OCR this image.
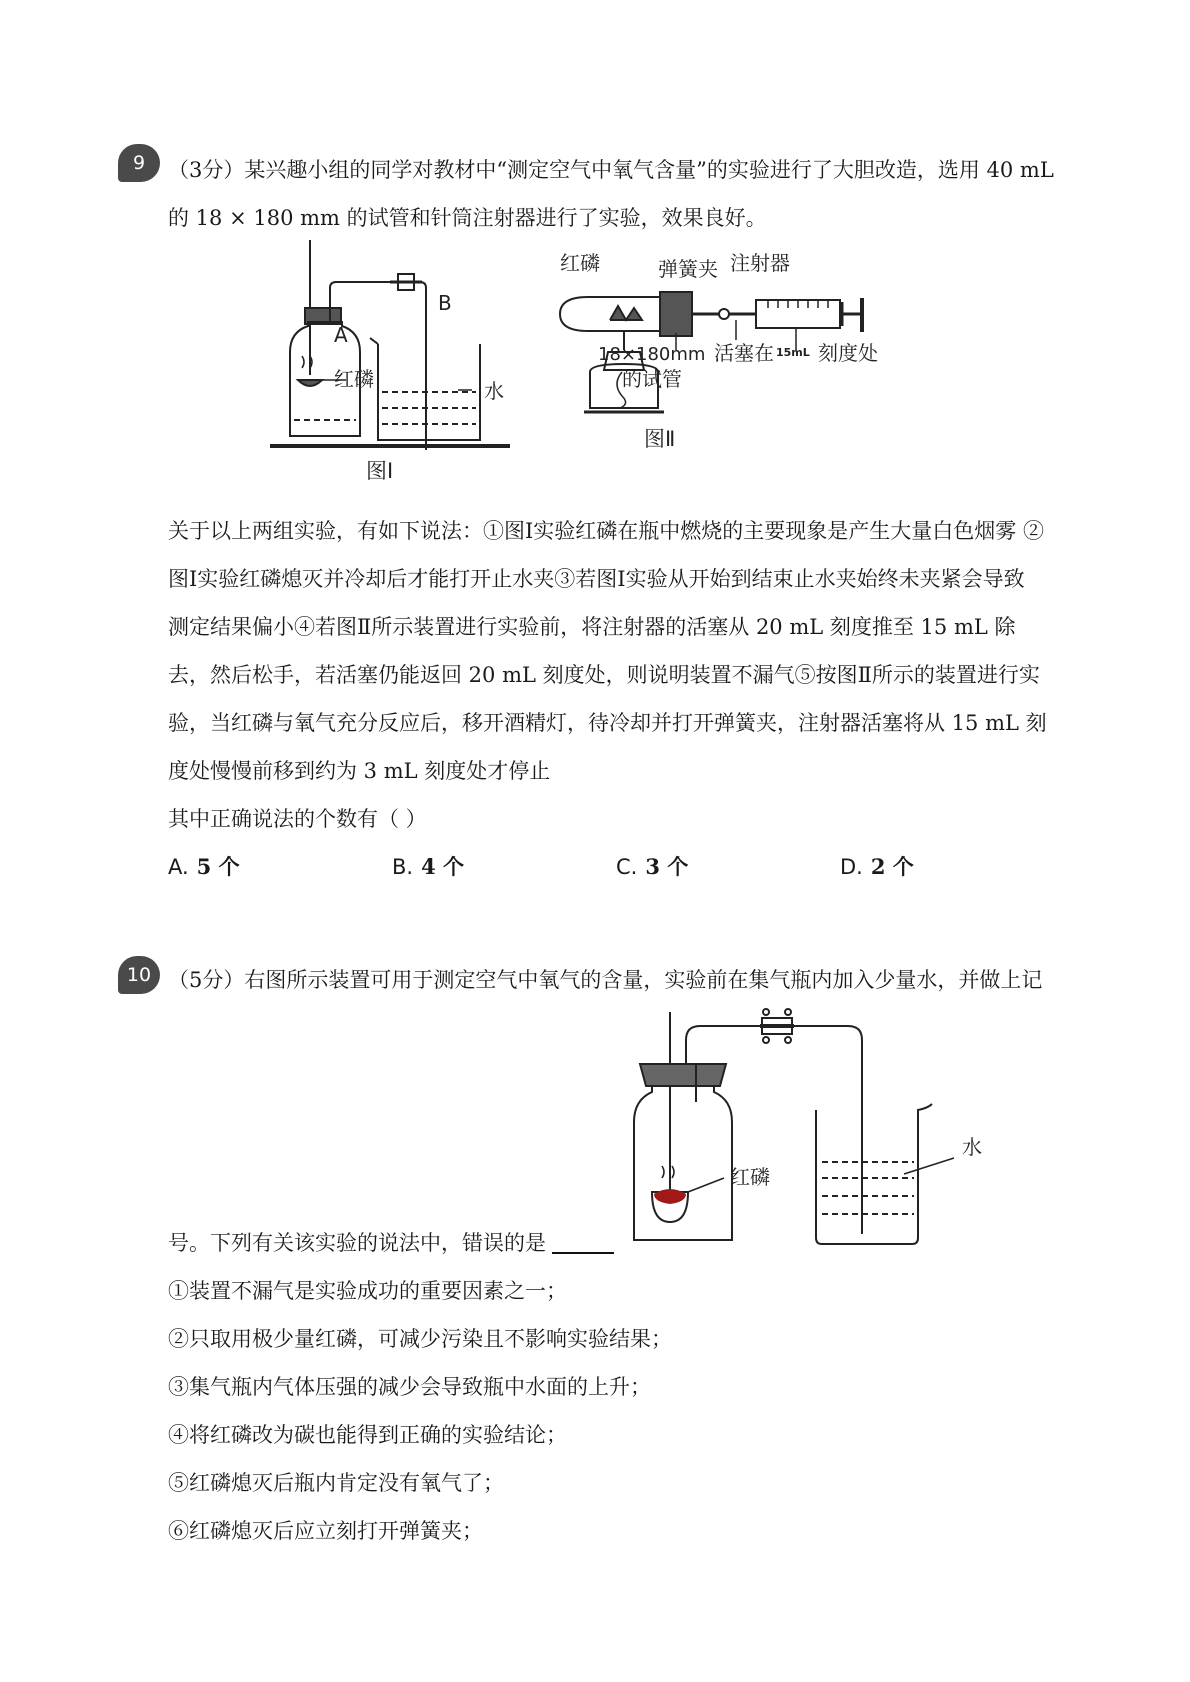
9	（3分）某兴趣小组的同学对教材中“测定空气中氧气含量”的实验进行了大胆改造，选用 40 mL
的 18 × 180 mm 的试管和针筒注射器进行了实验，效果良好。
A
B
红磷	水
图Ⅰ
红磷	弹簧夹 注射器
18×180mm
的试管
活塞在 15mL 刻度处
图Ⅱ
关于以上两组实验，有如下说法：①图Ⅰ实验红磷在瓶中燃烧的主要现象是产生大量白色烟雾 ②
图Ⅰ实验红磷熄灭并冷却后才能打开止水夹③若图Ⅰ实验从开始到结束止水夹始终未夹紧会导致
测定结果偏小④若图Ⅱ所示装置进行实验前，将注射器的活塞从 20 mL 刻度推至 15 mL 除
去，然后松手，若活塞仍能返回 20 mL 刻度处，则说明装置不漏气⑤按图Ⅱ所示的装置进行实
验，当红磷与氧气充分反应后，移开酒精灯，待冷却并打开弹簧夹，注射器活塞将从 15 mL 刻
度处慢慢前移到约为 3 mL 刻度处才停止
其中正确说法的个数有（ ）
A. 5 个	B. 4 个	C. 3 个	D. 2 个
10 （5分）右图所示装置可用于测定空气中氧气的含量，实验前在集气瓶内加入少量水，并做上记
红磷
水
号。下列有关该实验的说法中，错误的是
①装置不漏气是实验成功的重要因素之一；
②只取用极少量红磷，可减少污染且不影响实验结果；
③集气瓶内气体压强的减少会导致瓶中水面的上升；
④将红磷改为碳也能得到正确的实验结论；
⑤红磷熄灭后瓶内肯定没有氧气了；
⑥红磷熄灭后应立刻打开弹簧夹；
